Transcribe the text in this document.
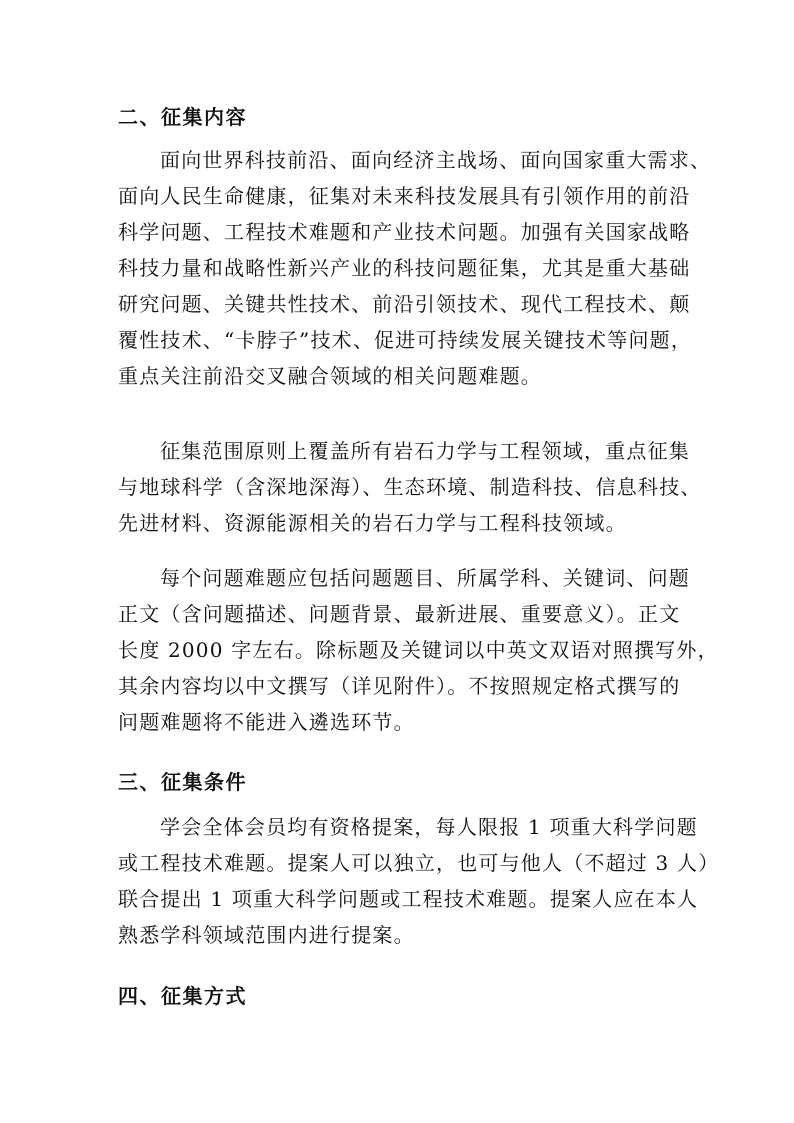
二、征集内容
面向世界科技前沿、面向经济主战场、面向国家重大需求、
面向人民生命健康，征集对未来科技发展具有引领作用的前沿
科学问题、工程技术难题和产业技术问题。加强有关国家战略
科技力量和战略性新兴产业的科技问题征集，尤其是重大基础
研究问题、关键共性技术、前沿引领技术、现代工程技术、颠
覆性技术、“卡脖子”技术、促进可持续发展关键技术等问题，
重点关注前沿交叉融合领域的相关问题难题。
征集范围原则上覆盖所有岩石力学与工程领域，重点征集
与地球科学（含深地深海）、生态环境、制造科技、信息科技、
先进材料、资源能源相关的岩石力学与工程科技领域。
每个问题难题应包括问题题目、所属学科、关键词、问题
正文（含问题描述、问题背景、最新进展、重要意义）。正文
长度 2000 字左右。除标题及关键词以中英文双语对照撰写外，
其余内容均以中文撰写（详见附件）。不按照规定格式撰写的
问题难题将不能进入遴选环节。
三、征集条件
学会全体会员均有资格提案，每人限报 1 项重大科学问题
或工程技术难题。提案人可以独立，也可与他人（不超过 3 人）
联合提出 1 项重大科学问题或工程技术难题。提案人应在本人
熟悉学科领域范围内进行提案。
四、征集方式
